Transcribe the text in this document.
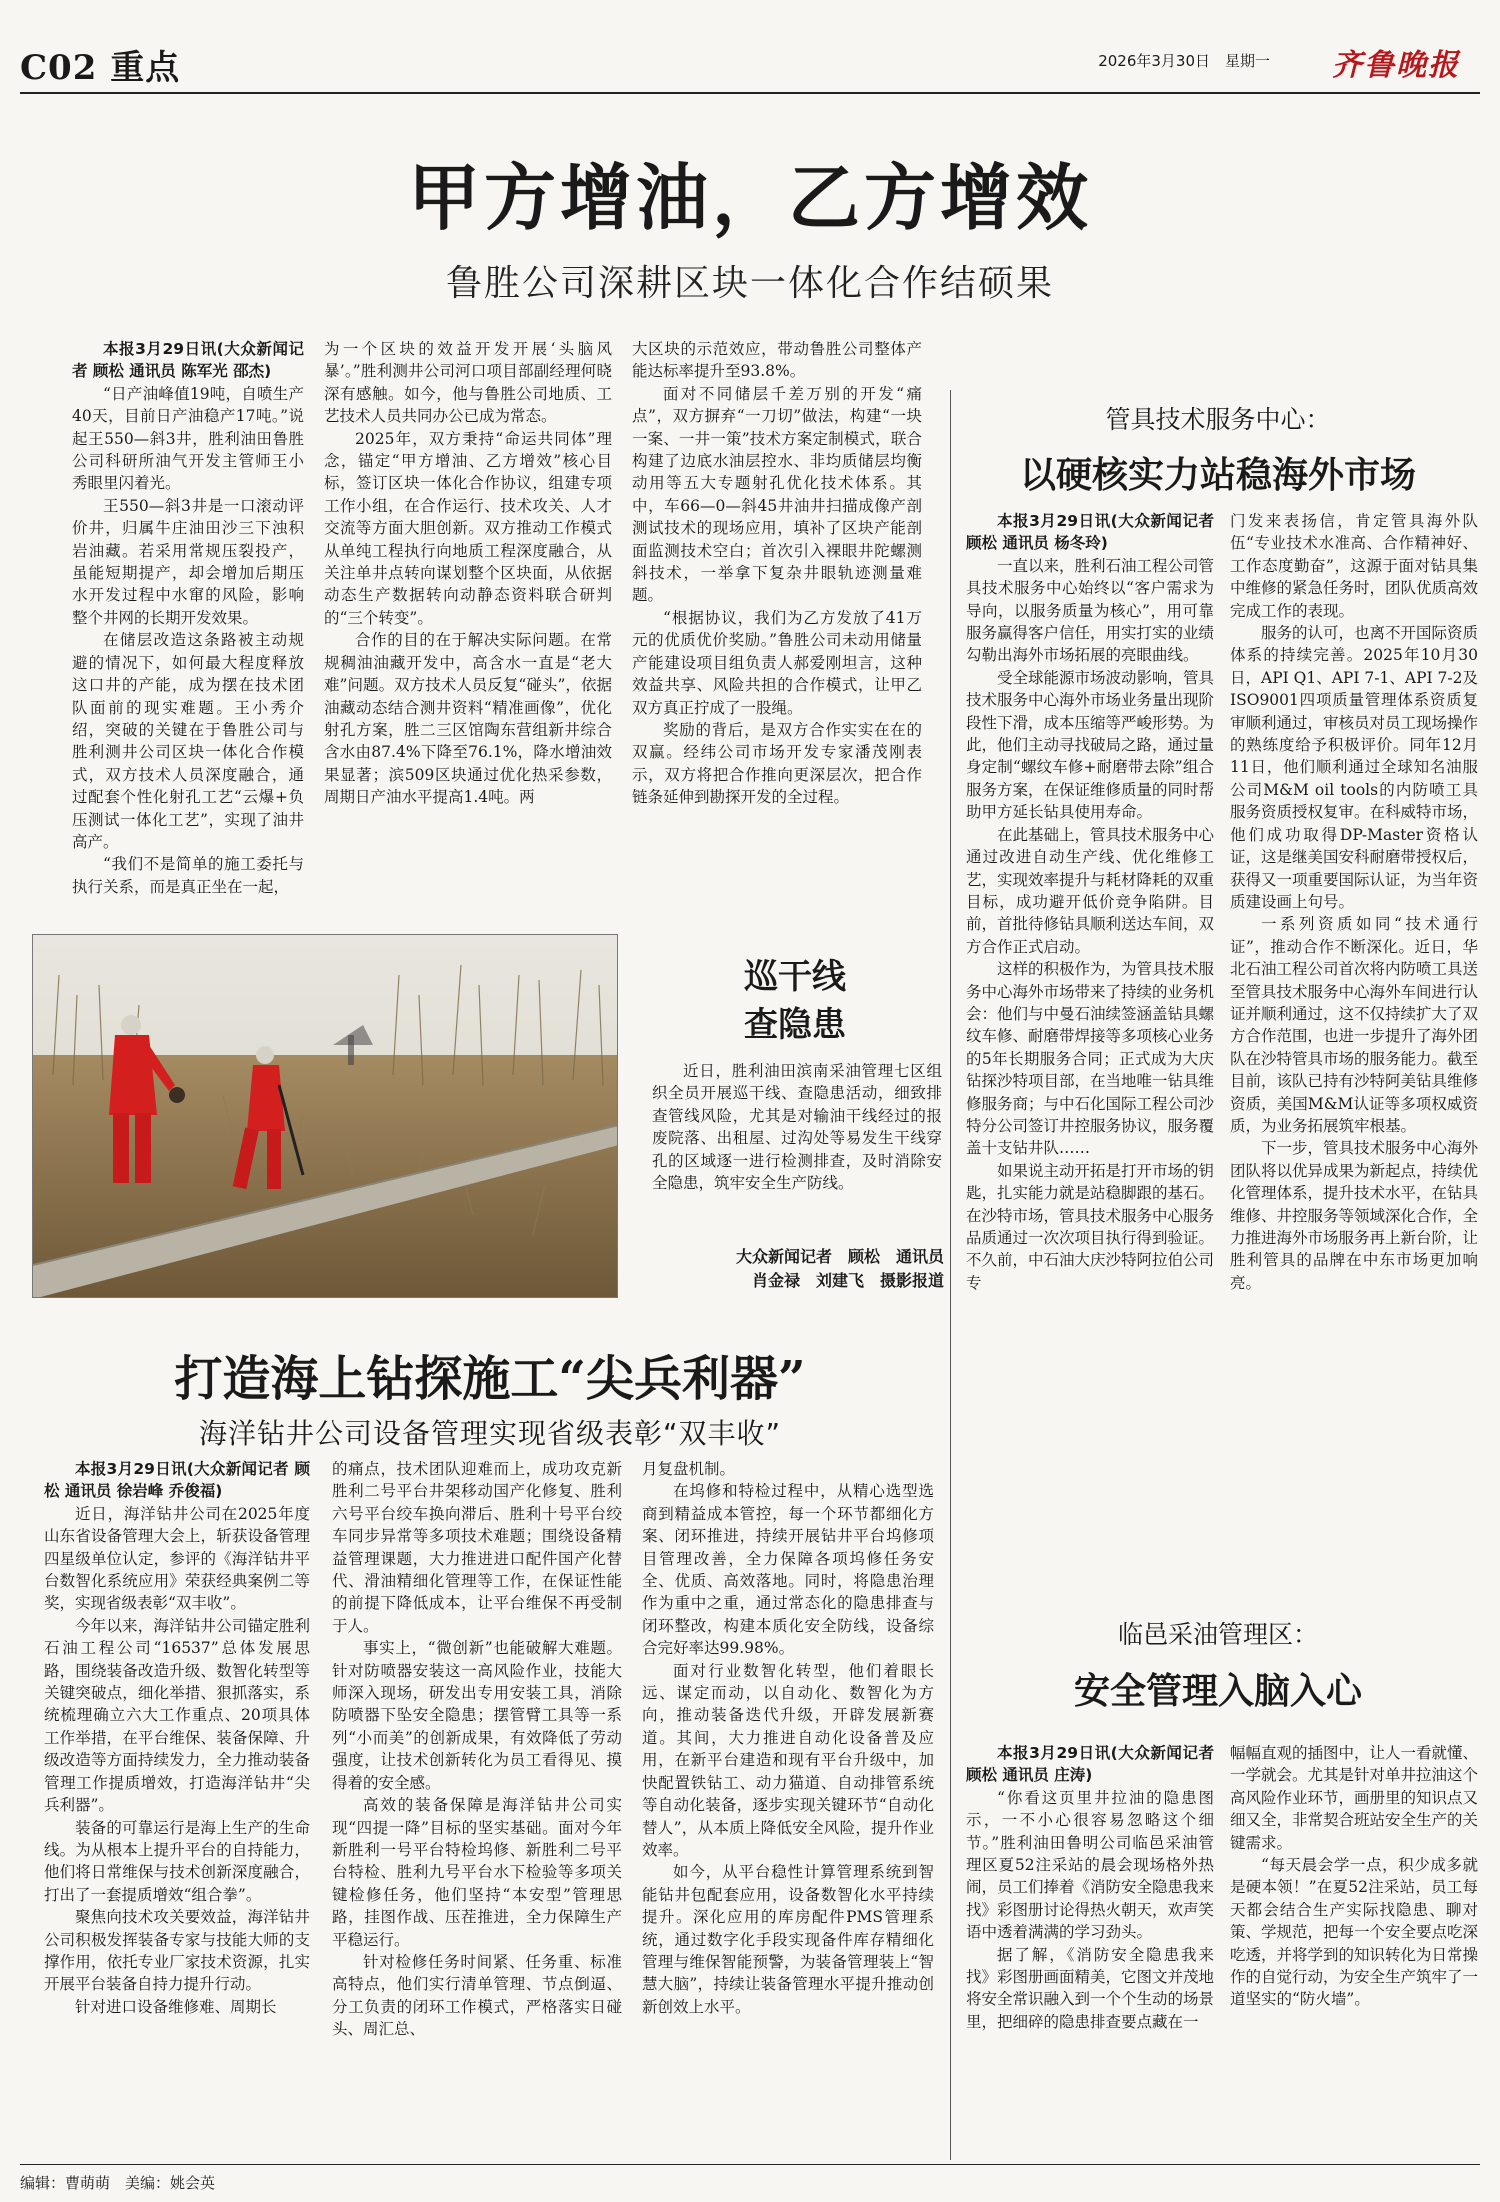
C02 重点	2026年3月30日　星期一 齐鲁晚报
甲方增油，乙方增效
鲁胜公司深耕区块一体化合作结硕果

本报3月29日讯(大众新闻记者 顾松 通讯员 陈军光 邵杰)

“日产油峰值19吨，自喷生产40天，目前日产油稳产17吨。”说起王550—斜3井，胜利油田鲁胜公司科研所油气开发主管师王小秀眼里闪着光。

王550—斜3井是一口滚动评价井，归属牛庄油田沙三下浊积岩油藏。若采用常规压裂投产，虽能短期提产，却会增加后期压水开发过程中水窜的风险，影响整个井网的长期开发效果。

在储层改造这条路被主动规避的情况下，如何最大程度释放这口井的产能，成为摆在技术团队面前的现实难题。王小秀介绍，突破的关键在于鲁胜公司与胜利测井公司区块一体化合作模式，双方技术人员深度融合，通过配套个性化射孔工艺“云爆+负压测试一体化工艺”，实现了油井高产。

“我们不是简单的施工委托与执行关系，而是真正坐在一起，

为一个区块的效益开发开展‘头脑风暴’。”胜利测井公司河口项目部副经理何晓深有感触。如今，他与鲁胜公司地质、工艺技术人员共同办公已成为常态。

2025年，双方秉持“命运共同体”理念，锚定“甲方增油、乙方增效”核心目标，签订区块一体化合作协议，组建专项工作小组，在合作运行、技术攻关、人才交流等方面大胆创新。双方推动工作模式从单纯工程执行向地质工程深度融合，从关注单井点转向谋划整个区块面，从依据动态生产数据转向动静态资料联合研判的“三个转变”。

合作的目的在于解决实际问题。在常规稠油油藏开发中，高含水一直是“老大难”问题。双方技术人员反复“碰头”，依据油藏动态结合测井资料“精准画像”，优化射孔方案，胜二三区馆陶东营组新井综合含水由87.4%下降至76.1%，降水增油效果显著；滨509区块通过优化热采参数，周期日产油水平提高1.4吨。两

大区块的示范效应，带动鲁胜公司整体产能达标率提升至93.8%。

面对不同储层千差万别的开发“痛点”，双方摒弃“一刀切”做法，构建“一块一案、一井一策”技术方案定制模式，联合构建了边底水油层控水、非均质储层均衡动用等五大专题射孔优化技术体系。其中，车66—0—斜45井油井扫描成像产剖测试技术的现场应用，填补了区块产能剖面监测技术空白；首次引入裸眼井陀螺测斜技术，一举拿下复杂井眼轨迹测量难题。

“根据协议，我们为乙方发放了41万元的优质优价奖励。”鲁胜公司未动用储量产能建设项目组负责人郝爱刚坦言，这种效益共享、风险共担的合作模式，让甲乙双方真正拧成了一股绳。

奖励的背后，是双方合作实实在在的双赢。经纬公司市场开发专家潘茂刚表示，双方将把合作推向更深层次，把合作链条延伸到勘探开发的全过程。

巡干线
查隐患

近日，胜利油田滨南采油管理七区组织全员开展巡干线、查隐患活动，细致排查管线风险，尤其是对输油干线经过的报废院落、出租屋、过沟处等易发生干线穿孔的区域逐一进行检测排查，及时消除安全隐患，筑牢安全生产防线。

大众新闻记者　顾松　通讯员
肖金禄　刘建飞　摄影报道
打造海上钻探施工“尖兵利器”
海洋钻井公司设备管理实现省级表彰“双丰收”

本报3月29日讯(大众新闻记者 顾松 通讯员 徐岩峰 乔俊福)

近日，海洋钻井公司在2025年度山东省设备管理大会上，斩获设备管理四星级单位认定，参评的《海洋钻井平台数智化系统应用》荣获经典案例二等奖，实现省级表彰“双丰收”。

今年以来，海洋钻井公司锚定胜利石油工程公司“16537”总体发展思路，围绕装备改造升级、数智化转型等关键突破点，细化举措、狠抓落实，系统梳理确立六大工作重点、20项具体工作举措，在平台维保、装备保障、升级改造等方面持续发力，全力推动装备管理工作提质增效，打造海洋钻井“尖兵利器”。

装备的可靠运行是海上生产的生命线。为从根本上提升平台的自持能力，他们将日常维保与技术创新深度融合，打出了一套提质增效“组合拳”。

聚焦向技术攻关要效益，海洋钻井公司积极发挥装备专家与技能大师的支撑作用，依托专业厂家技术资源，扎实开展平台装备自持力提升行动。

针对进口设备维修难、周期长

的痛点，技术团队迎难而上，成功攻克新胜利二号平台井架移动国产化修复、胜利六号平台绞车换向滞后、胜利十号平台绞车同步异常等多项技术难题；围绕设备精益管理课题，大力推进进口配件国产化替代、滑油精细化管理等工作，在保证性能的前提下降低成本，让平台维保不再受制于人。

事实上，“微创新”也能破解大难题。针对防喷器安装这一高风险作业，技能大师深入现场，研发出专用安装工具，消除防喷器下坠安全隐患；摆管臂工具等一系列“小而美”的创新成果，有效降低了劳动强度，让技术创新转化为员工看得见、摸得着的安全感。

高效的装备保障是海洋钻井公司实现“四提一降”目标的坚实基础。面对今年新胜利一号平台特检坞修、新胜利二号平台特检、胜利九号平台水下检验等多项关键检修任务，他们坚持“本安型”管理思路，挂图作战、压茬推进，全力保障生产平稳运行。

针对检修任务时间紧、任务重、标准高特点，他们实行清单管理、节点倒逼、分工负责的闭环工作模式，严格落实日碰头、周汇总、

月复盘机制。

在坞修和特检过程中，从精心选型选商到精益成本管控，每一个环节都细化方案、闭环推进，持续开展钻井平台坞修项目管理改善，全力保障各项坞修任务安全、优质、高效落地。同时，将隐患治理作为重中之重，通过常态化的隐患排查与闭环整改，构建本质化安全防线，设备综合完好率达99.98%。

面对行业数智化转型，他们着眼长远、谋定而动，以自动化、数智化为方向，推动装备迭代升级，开辟发展新赛道。其间，大力推进自动化设备普及应用，在新平台建造和现有平台升级中，加快配置铁钻工、动力猫道、自动排管系统等自动化装备，逐步实现关键环节“自动化替人”，从本质上降低安全风险，提升作业效率。

如今，从平台稳性计算管理系统到智能钻井包配套应用，设备数智化水平持续提升。深化应用的库房配件PMS管理系统，通过数字化手段实现备件库存精细化管理与维保智能预警，为装备管理装上“智慧大脑”，持续让装备管理水平提升推动创新创效上水平。

管具技术服务中心：
以硬核实力站稳海外市场

本报3月29日讯(大众新闻记者 顾松 通讯员 杨冬玲)

一直以来，胜利石油工程公司管具技术服务中心始终以“客户需求为导向，以服务质量为核心”，用可靠服务赢得客户信任，用实打实的业绩勾勒出海外市场拓展的亮眼曲线。

受全球能源市场波动影响，管具技术服务中心海外市场业务量出现阶段性下滑，成本压缩等严峻形势。为此，他们主动寻找破局之路，通过量身定制“螺纹车修+耐磨带去除”组合服务方案，在保证维修质量的同时帮助甲方延长钻具使用寿命。

在此基础上，管具技术服务中心通过改进自动生产线、优化维修工艺，实现效率提升与耗材降耗的双重目标，成功避开低价竞争陷阱。目前，首批待修钻具顺利送达车间，双方合作正式启动。

这样的积极作为，为管具技术服务中心海外市场带来了持续的业务机会：他们与中曼石油续签涵盖钻具螺纹车修、耐磨带焊接等多项核心业务的5年长期服务合同；正式成为大庆钻探沙特项目部，在当地唯一钻具维修服务商；与中石化国际工程公司沙特分公司签订井控服务协议，服务覆盖十支钻井队……

如果说主动开拓是打开市场的钥匙，扎实能力就是站稳脚跟的基石。在沙特市场，管具技术服务中心服务品质通过一次次项目执行得到验证。不久前，中石油大庆沙特阿拉伯公司专

门发来表扬信，肯定管具海外队伍“专业技术水准高、合作精神好、工作态度勤奋”，这源于面对钻具集中维修的紧急任务时，团队优质高效完成工作的表现。

服务的认可，也离不开国际资质体系的持续完善。2025年10月30日，API Q1、API 7-1、API 7-2及ISO9001四项质量管理体系资质复审顺利通过，审核员对员工现场操作的熟练度给予积极评价。同年12月11日，他们顺利通过全球知名油服公司M&M oil tools的内防喷工具服务资质授权复审。在科威特市场，他们成功取得DP-Master资格认证，这是继美国安科耐磨带授权后，获得又一项重要国际认证，为当年资质建设画上句号。

一系列资质如同“技术通行证”，推动合作不断深化。近日，华北石油工程公司首次将内防喷工具送至管具技术服务中心海外车间进行认证并顺利通过，这不仅持续扩大了双方合作范围，也进一步提升了海外团队在沙特管具市场的服务能力。截至目前，该队已持有沙特阿美钻具维修资质，美国M&M认证等多项权威资质，为业务拓展筑牢根基。

下一步，管具技术服务中心海外团队将以优异成果为新起点，持续优化管理体系，提升技术水平，在钻具维修、井控服务等领域深化合作，全力推进海外市场服务再上新台阶，让胜利管具的品牌在中东市场更加响亮。

临邑采油管理区：
安全管理入脑入心

本报3月29日讯(大众新闻记者 顾松 通讯员 庄涛)

“你看这页里井拉油的隐患图示，一不小心很容易忽略这个细节。”胜利油田鲁明公司临邑采油管理区夏52注采站的晨会现场格外热闹，员工们捧着《消防安全隐患我来找》彩图册讨论得热火朝天，欢声笑语中透着满满的学习劲头。

据了解，《消防安全隐患我来找》彩图册画面精美，它图文并茂地将安全常识融入到一个个生动的场景里，把细碎的隐患排查要点藏在一

幅幅直观的插图中，让人一看就懂、一学就会。尤其是针对单井拉油这个高风险作业环节，画册里的知识点又细又全，非常契合班站安全生产的关键需求。

“每天晨会学一点，积少成多就是硬本领！”在夏52注采站，员工每天都会结合生产实际找隐患、聊对策、学规范，把每一个安全要点吃深吃透，并将学到的知识转化为日常操作的自觉行动，为安全生产筑牢了一道坚实的“防火墙”。

编辑：曹萌萌　美编：姚会英
